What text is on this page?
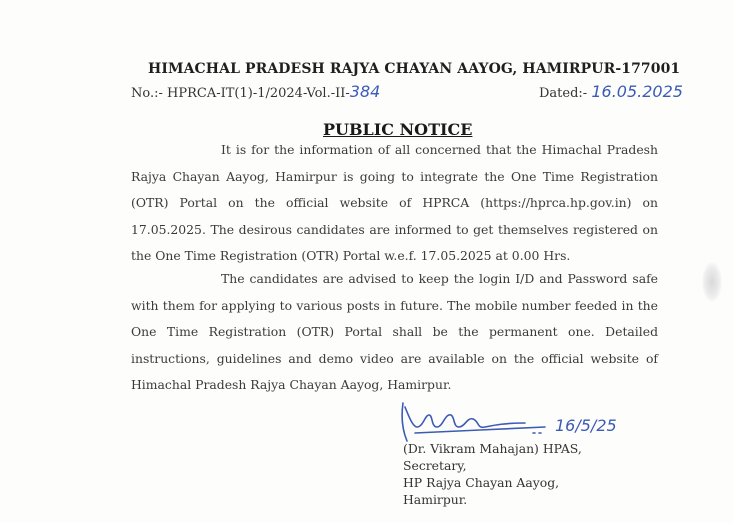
HIMACHAL PRADESH RAJYA CHAYAN AAYOG, HAMIRPUR-177001
No.:- HPRCA-IT(1)-1/2024-Vol.-II-384	Dated:- 16.05.2025
PUBLIC NOTICE
It is for the information of all concerned that the Himachal Pradesh Rajya Chayan Aayog, Hamirpur is going to integrate the One Time Registration (OTR) Portal on the official website of HPRCA (https://hprca.hp.gov.in) on 17.05.2025. The desirous candidates are informed to get themselves registered on the One Time Registration (OTR) Portal w.e.f. 17.05.2025 at 0.00 Hrs.
The candidates are advised to keep the login I/D and Password safe with them for applying to various posts in future. The mobile number feeded in the One Time Registration (OTR) Portal shall be the permanent one. Detailed instructions, guidelines and demo video are available on the official website of Himachal Pradesh Rajya Chayan Aayog, Hamirpur.
16/5/25
(Dr. Vikram Mahajan) HPAS,
Secretary,
HP Rajya Chayan Aayog,
Hamirpur.
